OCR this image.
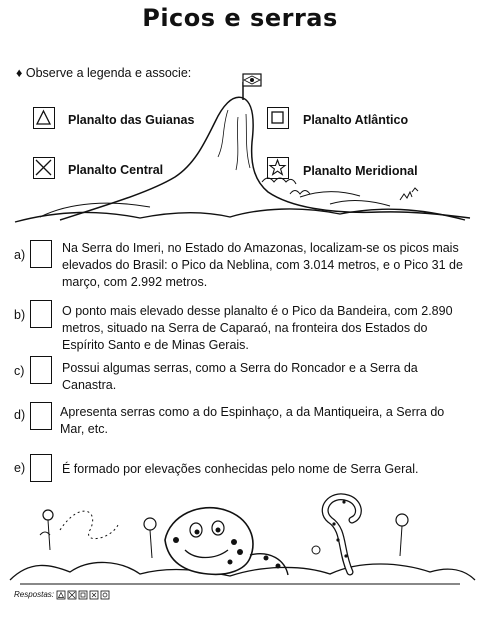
Picos e serras
♦ Observe a legenda e associe:
Planalto das Guianas	Planalto Atlântico
Planalto Central	Planalto Meridional
a)	Na Serra do Imeri, no Estado do Amazonas, localizam-se os picos mais elevados do Brasil: o Pico da Neblina, com 3.014 metros, e o Pico 31 de março, com 2.992 metros.
b)	O ponto mais elevado desse planalto é o Pico da Bandeira, com 2.890 metros, situado na Serra de Caparaó, na fronteira dos Estados do Espírito Santo e de Minas Gerais.
c)	Possui algumas serras, como a Serra do Roncador e a Serra da Canastra.
d)	Apresenta serras como a do Espinhaço, a da Mantiqueira, a Serra do Mar, etc.
e)	É formado por elevações conhecidas pelo nome de Serra Geral.
Respostas:
